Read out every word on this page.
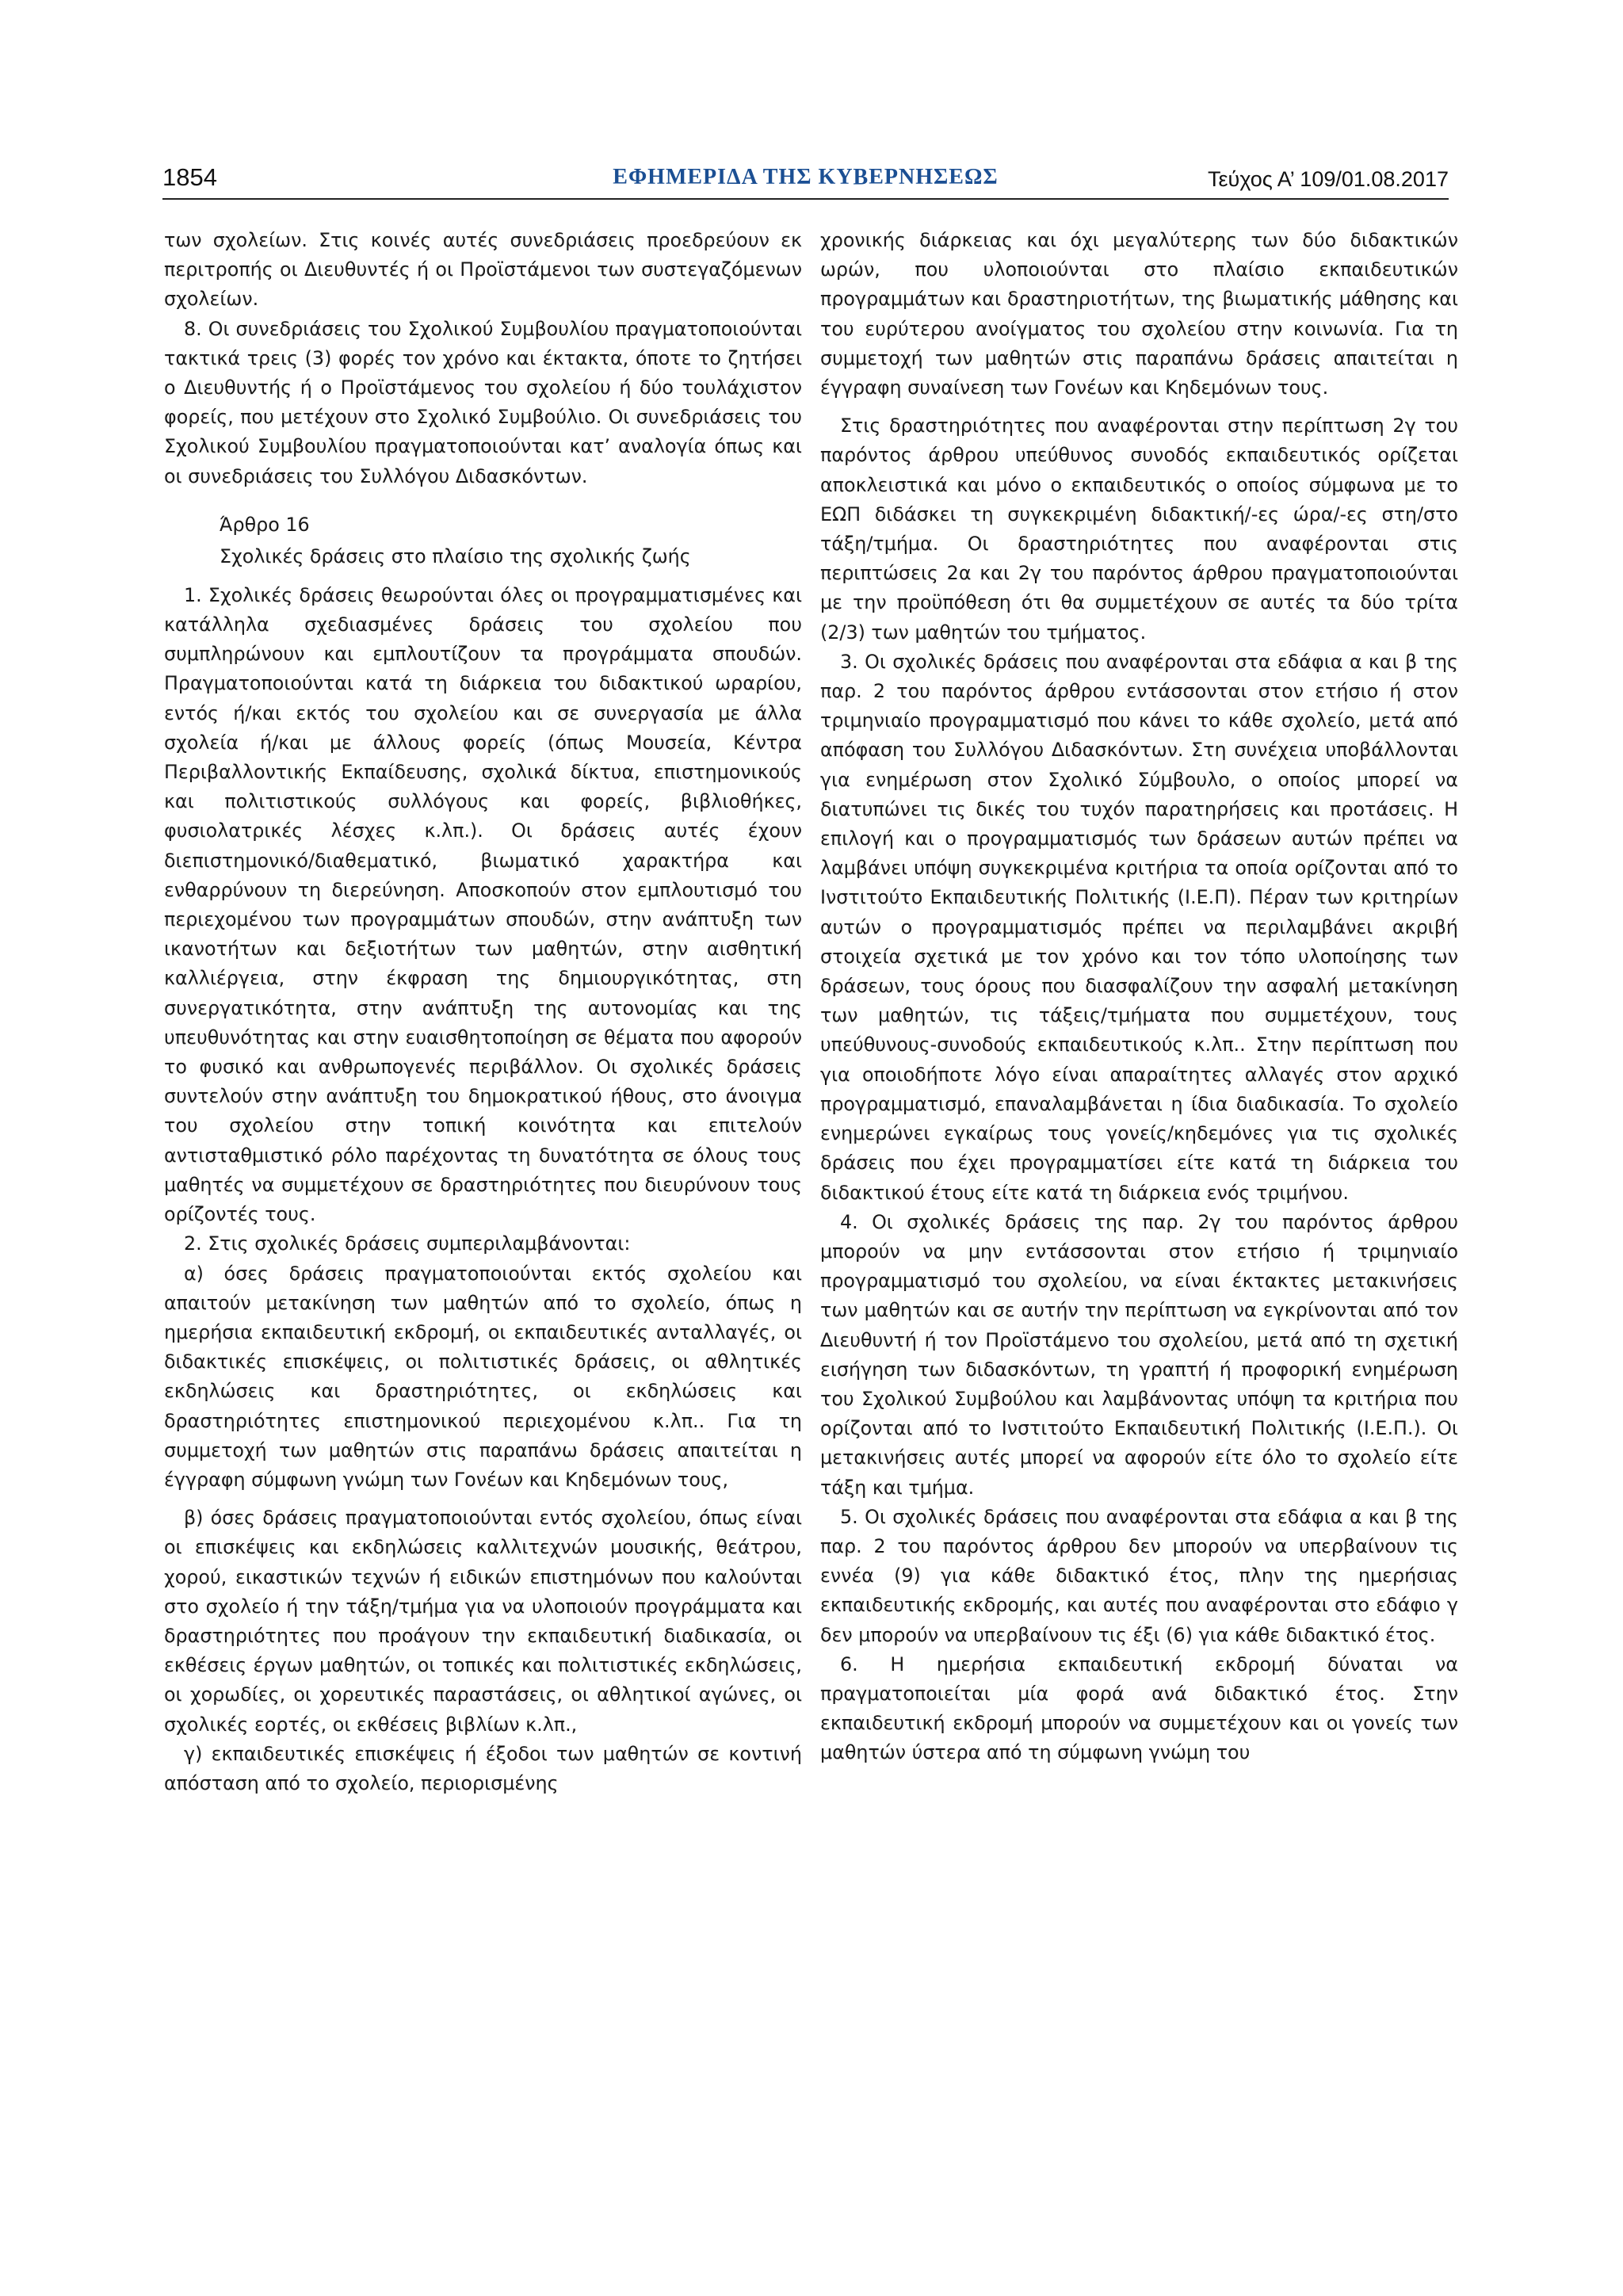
1854	ΕΦΗΜΕΡΙΔΑ ΤΗΣ ΚΥΒΕΡΝΗΣΕΩΣ	Τεύχος Α’ 109/01.08.2017

των σχολείων. Στις κοινές αυτές συνεδριάσεις προεδρεύουν εκ περιτροπής οι Διευθυντές ή οι Προϊστάμενοι των συστεγαζόμενων σχολείων.

8. Οι συνεδριάσεις του Σχολικού Συμβουλίου πραγματοποιούνται τακτικά τρεις (3) φορές τον χρόνο και έκτακτα, όποτε το ζητήσει ο Διευθυντής ή ο Προϊστάμενος του σχολείου ή δύο τουλάχιστον φορείς, που μετέχουν στο Σχολικό Συμβούλιο. Οι συνεδριάσεις του Σχολικού Συμβουλίου πραγματοποιούνται κατ’ αναλογία όπως και οι συνεδριάσεις του Συλλόγου Διδασκόντων.

Άρθρο 16
Σχολικές δράσεις στο πλαίσιο της σχολικής ζωής

1. Σχολικές δράσεις θεωρούνται όλες οι προγραμματισμένες και κατάλληλα σχεδιασμένες δράσεις του σχολείου που συμπληρώνουν και εμπλουτίζουν τα προγράμματα σπουδών. Πραγματοποιούνται κατά τη διάρκεια του διδακτικού ωραρίου, εντός ή/και εκτός του σχολείου και σε συνεργασία με άλλα σχολεία ή/και με άλλους φορείς (όπως Μουσεία, Κέντρα Περιβαλλοντικής Εκπαίδευσης, σχολικά δίκτυα, επιστημονικούς και πολιτιστικούς συλλόγους και φορείς, βιβλιοθήκες, φυσιολατρικές λέσχες κ.λπ.). Οι δράσεις αυτές έχουν διεπιστημονικό/διαθεματικό, βιωματικό χαρακτήρα και ενθαρρύνουν τη διερεύνηση. Αποσκοπούν στον εμπλουτισμό του περιεχομένου των προγραμμάτων σπουδών, στην ανάπτυξη των ικανοτήτων και δεξιοτήτων των μαθητών, στην αισθητική καλλιέργεια, στην έκφραση της δημιουργικότητας, στη συνεργατικότητα, στην ανάπτυξη της αυτονομίας και της υπευθυνότητας και στην ευαισθητοποίηση σε θέματα που αφορούν το φυσικό και ανθρωπογενές περιβάλλον. Οι σχολικές δράσεις συντελούν στην ανάπτυξη του δημοκρατικού ήθους, στο άνοιγμα του σχολείου στην τοπική κοινότητα και επιτελούν αντισταθμιστικό ρόλο παρέχοντας τη δυνατότητα σε όλους τους μαθητές να συμμετέχουν σε δραστηριότητες που διευρύνουν τους ορίζοντές τους.

2. Στις σχολικές δράσεις συμπεριλαμβάνονται:

α) όσες δράσεις πραγματοποιούνται εκτός σχολείου και απαιτούν μετακίνηση των μαθητών από το σχολείο, όπως η ημερήσια εκπαιδευτική εκδρομή, οι εκπαιδευτικές ανταλλαγές, οι διδακτικές επισκέψεις, οι πολιτιστικές δράσεις, οι αθλητικές εκδηλώσεις και δραστηριότητες, οι εκδηλώσεις και δραστηριότητες επιστημονικού περιεχομένου κ.λπ.. Για τη συμμετοχή των μαθητών στις παραπάνω δράσεις απαιτείται η έγγραφη σύμφωνη γνώμη των Γονέων και Κηδεμόνων τους,

β) όσες δράσεις πραγματοποιούνται εντός σχολείου, όπως είναι οι επισκέψεις και εκδηλώσεις καλλιτεχνών μουσικής, θεάτρου, χορού, εικαστικών τεχνών ή ειδικών επιστημόνων που καλούνται στο σχολείο ή την τάξη/τμήμα για να υλοποιούν προγράμματα και δραστηριότητες που προάγουν την εκπαιδευτική διαδικασία, οι εκθέσεις έργων μαθητών, οι τοπικές και πολιτιστικές εκδηλώσεις, οι χορωδίες, οι χορευτικές παραστάσεις, οι αθλητικοί αγώνες, οι σχολικές εορτές, οι εκθέσεις βιβλίων κ.λπ.,

γ) εκπαιδευτικές επισκέψεις ή έξοδοι των μαθητών σε κοντινή απόσταση από το σχολείο, περιορισμένης

χρονικής διάρκειας και όχι μεγαλύτερης των δύο διδακτικών ωρών, που υλοποιούνται στο πλαίσιο εκπαιδευτικών προγραμμάτων και δραστηριοτήτων, της βιωματικής μάθησης και του ευρύτερου ανοίγματος του σχολείου στην κοινωνία. Για τη συμμετοχή των μαθητών στις παραπάνω δράσεις απαιτείται η έγγραφη συναίνεση των Γονέων και Κηδεμόνων τους.

Στις δραστηριότητες που αναφέρονται στην περίπτωση 2γ του παρόντος άρθρου υπεύθυνος συνοδός εκπαιδευτικός ορίζεται αποκλειστικά και μόνο ο εκπαιδευτικός ο οποίος σύμφωνα με το ΕΩΠ διδάσκει τη συγκεκριμένη διδακτική/-ες ώρα/-ες στη/στο τάξη/τμήμα. Οι δραστηριότητες που αναφέρονται στις περιπτώσεις 2α και 2γ του παρόντος άρθρου πραγματοποιούνται με την προϋπόθεση ότι θα συμμετέχουν σε αυτές τα δύο τρίτα (2/3) των μαθητών του τμήματος.

3. Οι σχολικές δράσεις που αναφέρονται στα εδάφια α και β της παρ. 2 του παρόντος άρθρου εντάσσονται στον ετήσιο ή στον τριμηνιαίο προγραμματισμό που κάνει το κάθε σχολείο, μετά από απόφαση του Συλλόγου Διδασκόντων. Στη συνέχεια υποβάλλονται για ενημέρωση στον Σχολικό Σύμβουλο, ο οποίος μπορεί να διατυπώνει τις δικές του τυχόν παρατηρήσεις και προτάσεις. Η επιλογή και ο προγραμματισμός των δράσεων αυτών πρέπει να λαμβάνει υπόψη συγκεκριμένα κριτήρια τα οποία ορίζονται από το Ινστιτούτο Εκπαιδευτικής Πολιτικής (Ι.Ε.Π). Πέραν των κριτηρίων αυτών ο προγραμματισμός πρέπει να περιλαμβάνει ακριβή στοιχεία σχετικά με τον χρόνο και τον τόπο υλοποίησης των δράσεων, τους όρους που διασφαλίζουν την ασφαλή μετακίνηση των μαθητών, τις τάξεις/τμήματα που συμμετέχουν, τους υπεύθυνους-συνοδούς εκπαιδευτικούς κ.λπ.. Στην περίπτωση που για οποιοδήποτε λόγο είναι απαραίτητες αλλαγές στον αρχικό προγραμματισμό, επαναλαμβάνεται η ίδια διαδικασία. Το σχολείο ενημερώνει εγκαίρως τους γονείς/κηδεμόνες για τις σχολικές δράσεις που έχει προγραμματίσει είτε κατά τη διάρκεια του διδακτικού έτους είτε κατά τη διάρκεια ενός τριμήνου.

4. Οι σχολικές δράσεις της παρ. 2γ του παρόντος άρθρου μπορούν να μην εντάσσονται στον ετήσιο ή τριμηνιαίο προγραμματισμό του σχολείου, να είναι έκτακτες μετακινήσεις των μαθητών και σε αυτήν την περίπτωση να εγκρίνονται από τον Διευθυντή ή τον Προϊστάμενο του σχολείου, μετά από τη σχετική εισήγηση των διδασκόντων, τη γραπτή ή προφορική ενημέρωση του Σχολικού Συμβούλου και λαμβάνοντας υπόψη τα κριτήρια που ορίζονται από το Ινστιτούτο Εκπαιδευτική Πολιτικής (Ι.Ε.Π.). Οι μετακινήσεις αυτές μπορεί να αφορούν είτε όλο το σχολείο είτε τάξη και τμήμα.

5. Οι σχολικές δράσεις που αναφέρονται στα εδάφια α και β της παρ. 2 του παρόντος άρθρου δεν μπορούν να υπερβαίνουν τις εννέα (9) για κάθε διδακτικό έτος, πλην της ημερήσιας εκπαιδευτικής εκδρομής, και αυτές που αναφέρονται στο εδάφιο γ δεν μπορούν να υπερβαίνουν τις έξι (6) για κάθε διδακτικό έτος.

6. Η ημερήσια εκπαιδευτική εκδρομή δύναται να πραγματοποιείται μία φορά ανά διδακτικό έτος. Στην εκπαιδευτική εκδρομή μπορούν να συμμετέχουν και οι γονείς των μαθητών ύστερα από τη σύμφωνη γνώμη του
